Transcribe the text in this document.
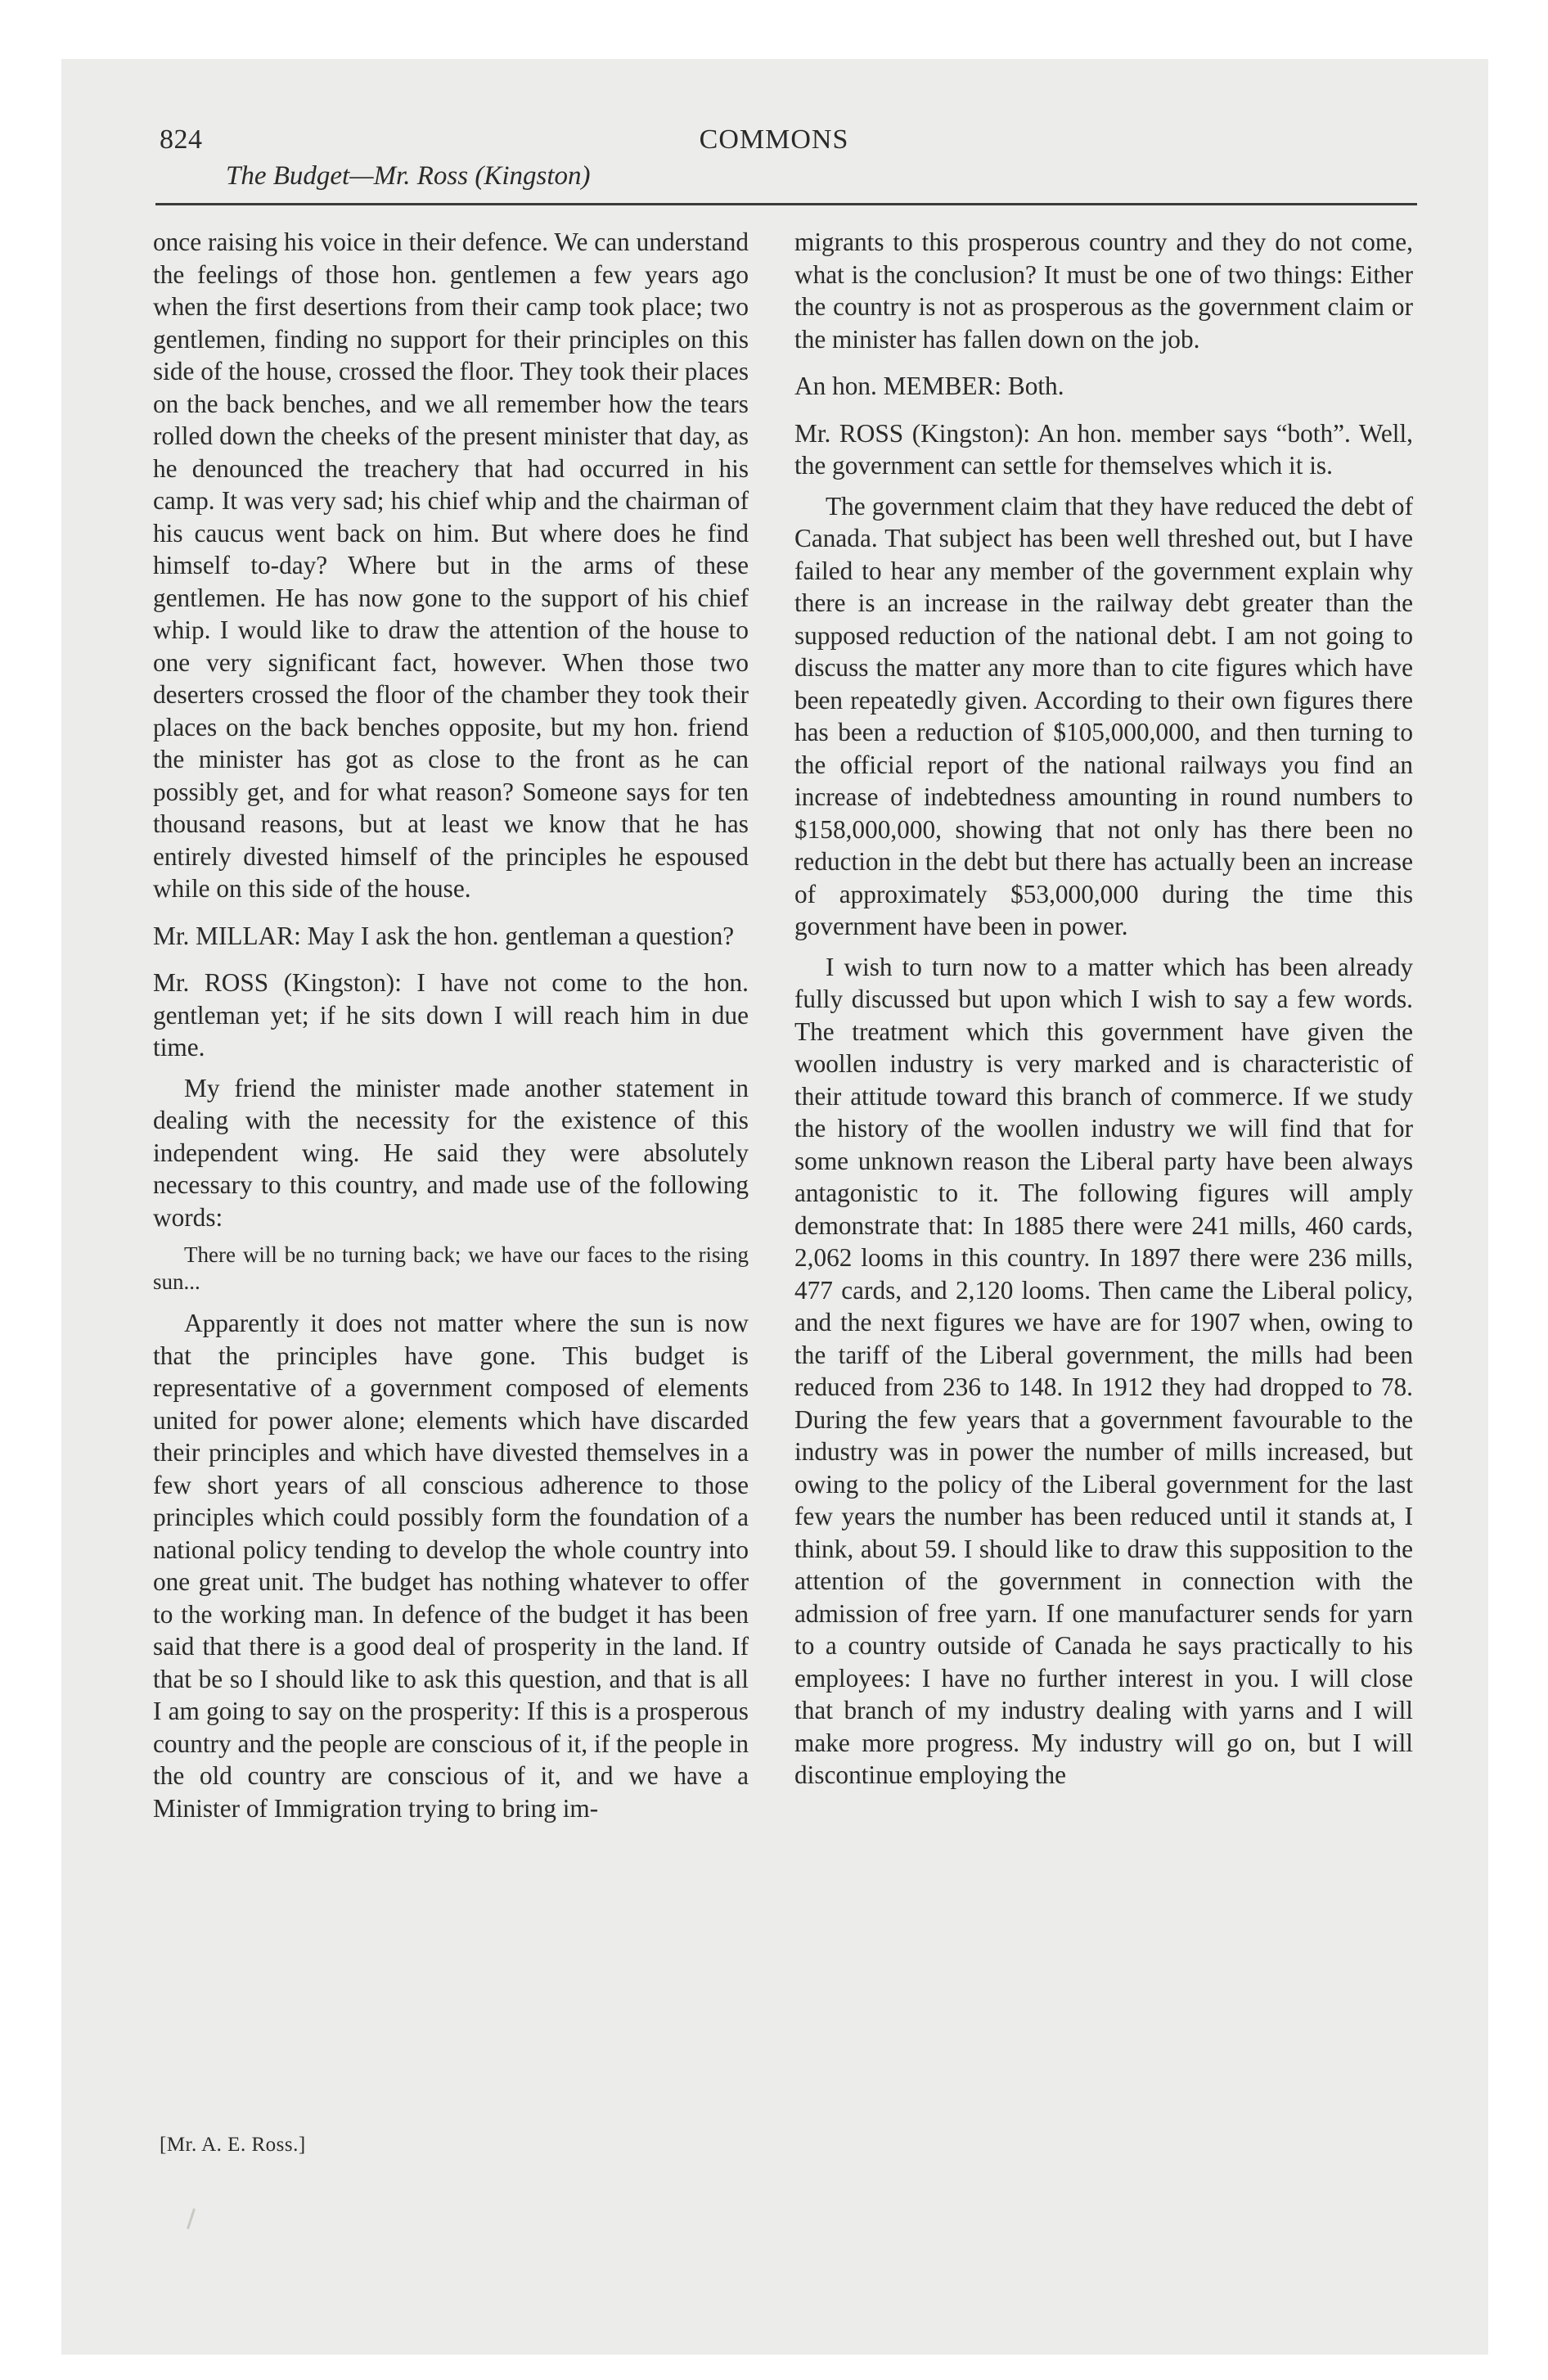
824	COMMONS
The Budget—Mr. Ross (Kingston)

once raising his voice in their defence. We can understand the feelings of those hon. gentlemen a few years ago when the first desertions from their camp took place; two gentlemen, finding no support for their principles on this side of the house, crossed the floor. They took their places on the back benches, and we all remember how the tears rolled down the cheeks of the present minister that day, as he denounced the treachery that had occurred in his camp. It was very sad; his chief whip and the chairman of his caucus went back on him. But where does he find himself to-day? Where but in the arms of these gentlemen. He has now gone to the support of his chief whip. I would like to draw the attention of the house to one very significant fact, however. When those two deserters crossed the floor of the chamber they took their places on the back benches opposite, but my hon. friend the minister has got as close to the front as he can possibly get, and for what reason? Someone says for ten thousand reasons, but at least we know that he has entirely divested himself of the principles he espoused while on this side of the house.

Mr. MILLAR: May I ask the hon. gentleman a question?

Mr. ROSS (Kingston): I have not come to the hon. gentleman yet; if he sits down I will reach him in due time.

My friend the minister made another statement in dealing with the necessity for the existence of this independent wing. He said they were absolutely necessary to this country, and made use of the following words:

There will be no turning back; we have our faces to the rising sun...

Apparently it does not matter where the sun is now that the principles have gone. This budget is representative of a government composed of elements united for power alone; elements which have discarded their principles and which have divested themselves in a few short years of all conscious adherence to those principles which could possibly form the foundation of a national policy tending to develop the whole country into one great unit. The budget has nothing whatever to offer to the working man. In defence of the budget it has been said that there is a good deal of prosperity in the land. If that be so I should like to ask this question, and that is all I am going to say on the prosperity: If this is a prosperous country and the people are conscious of it, if the people in the old country are conscious of it, and we have a Minister of Immigration trying to bring im-

migrants to this prosperous country and they do not come, what is the conclusion? It must be one of two things: Either the country is not as prosperous as the government claim or the minister has fallen down on the job.

An hon. MEMBER: Both.

Mr. ROSS (Kingston): An hon. member says “both”. Well, the government can settle for themselves which it is.

The government claim that they have reduced the debt of Canada. That subject has been well threshed out, but I have failed to hear any member of the government explain why there is an increase in the railway debt greater than the supposed reduction of the national debt. I am not going to discuss the matter any more than to cite figures which have been repeatedly given. According to their own figures there has been a reduction of $105,000,000, and then turning to the official report of the national railways you find an increase of indebtedness amounting in round numbers to $158,000,000, showing that not only has there been no reduction in the debt but there has actually been an increase of approximately $53,000,000 during the time this government have been in power.

I wish to turn now to a matter which has been already fully discussed but upon which I wish to say a few words. The treatment which this government have given the woollen industry is very marked and is characteristic of their attitude toward this branch of commerce. If we study the history of the woollen industry we will find that for some unknown reason the Liberal party have been always antagonistic to it. The following figures will amply demonstrate that: In 1885 there were 241 mills, 460 cards, 2,062 looms in this country. In 1897 there were 236 mills, 477 cards, and 2,120 looms. Then came the Liberal policy, and the next figures we have are for 1907 when, owing to the tariff of the Liberal government, the mills had been reduced from 236 to 148. In 1912 they had dropped to 78. During the few years that a government favourable to the industry was in power the number of mills increased, but owing to the policy of the Liberal government for the last few years the number has been reduced until it stands at, I think, about 59. I should like to draw this supposition to the attention of the government in connection with the admission of free yarn. If one manufacturer sends for yarn to a country outside of Canada he says practically to his employees: I have no further interest in you. I will close that branch of my industry dealing with yarns and I will make more progress. My industry will go on, but I will discontinue employing the

[Mr. A. E. Ross.]
